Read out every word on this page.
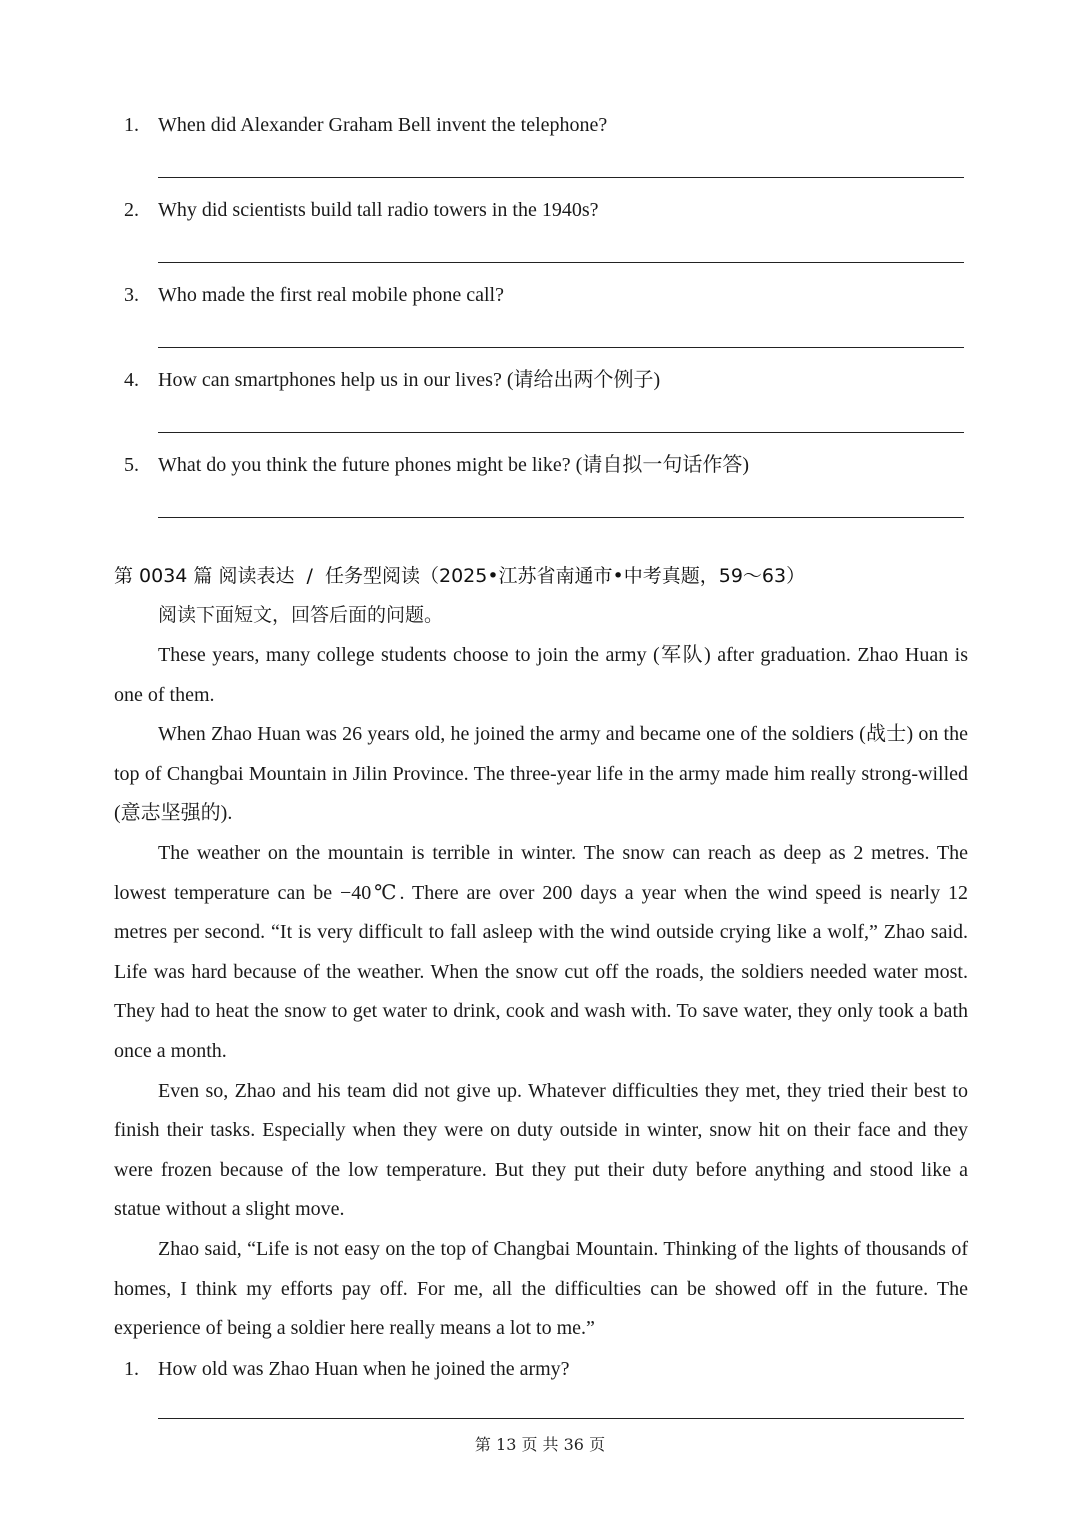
1. When did Alexander Graham Bell invent the telephone?
2. Why did scientists build tall radio towers in the 1940s?
3. Who made the first real mobile phone call?
4. How can smartphones help us in our lives? (请给出两个例子)
5. What do you think the future phones might be like? (请自拟一句话作答)
第 0034 篇 阅读表达 / 任务型阅读（2025•江苏省南通市•中考真题，59～63）
阅读下面短文，回答后面的问题。

These years, many college students choose to join the army (军队) after graduation. Zhao Huan is one of them.

When Zhao Huan was 26 years old, he joined the army and became one of the soldiers (战士) on the top of Changbai Mountain in Jilin Province. The three-year life in the army made him really strong-willed (意志坚强的).

The weather on the mountain is terrible in winter. The snow can reach as deep as 2 metres. The lowest temperature can be −40℃. There are over 200 days a year when the wind speed is nearly 12 metres per second. “It is very difficult to fall asleep with the wind outside crying like a wolf,” Zhao said. Life was hard because of the weather. When the snow cut off the roads, the soldiers needed water most. They had to heat the snow to get water to drink, cook and wash with. To save water, they only took a bath once a month.

Even so, Zhao and his team did not give up. Whatever difficulties they met, they tried their best to finish their tasks. Especially when they were on duty outside in winter, snow hit on their face and they were frozen because of the low temperature. But they put their duty before anything and stood like a statue without a slight move.

Zhao said, “Life is not easy on the top of Changbai Mountain. Thinking of the lights of thousands of homes, I think my efforts pay off. For me, all the difficulties can be showed off in the future. The experience of being a soldier here really means a lot to me.”

1. How old was Zhao Huan when he joined the army?
第 13 页 共 36 页
